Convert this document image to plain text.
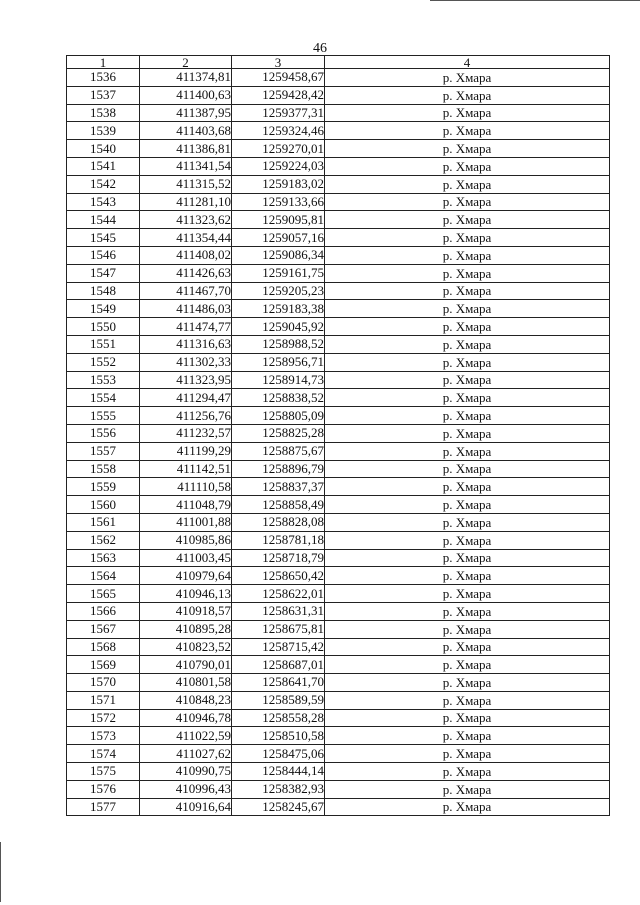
46
1	2	3	4
1536	411374,81	1259458,67	р. Хмара
1537	411400,63	1259428,42	р. Хмара
1538	411387,95	1259377,31	р. Хмара
1539	411403,68	1259324,46	р. Хмара
1540	411386,81	1259270,01	р. Хмара
1541	411341,54	1259224,03	р. Хмара
1542	411315,52	1259183,02	р. Хмара
1543	411281,10	1259133,66	р. Хмара
1544	411323,62	1259095,81	р. Хмара
1545	411354,44	1259057,16	р. Хмара
1546	411408,02	1259086,34	р. Хмара
1547	411426,63	1259161,75	р. Хмара
1548	411467,70	1259205,23	р. Хмара
1549	411486,03	1259183,38	р. Хмара
1550	411474,77	1259045,92	р. Хмара
1551	411316,63	1258988,52	р. Хмара
1552	411302,33	1258956,71	р. Хмара
1553	411323,95	1258914,73	р. Хмара
1554	411294,47	1258838,52	р. Хмара
1555	411256,76	1258805,09	р. Хмара
1556	411232,57	1258825,28	р. Хмара
1557	411199,29	1258875,67	р. Хмара
1558	411142,51	1258896,79	р. Хмара
1559	411110,58	1258837,37	р. Хмара
1560	411048,79	1258858,49	р. Хмара
1561	411001,88	1258828,08	р. Хмара
1562	410985,86	1258781,18	р. Хмара
1563	411003,45	1258718,79	р. Хмара
1564	410979,64	1258650,42	р. Хмара
1565	410946,13	1258622,01	р. Хмара
1566	410918,57	1258631,31	р. Хмара
1567	410895,28	1258675,81	р. Хмара
1568	410823,52	1258715,42	р. Хмара
1569	410790,01	1258687,01	р. Хмара
1570	410801,58	1258641,70	р. Хмара
1571	410848,23	1258589,59	р. Хмара
1572	410946,78	1258558,28	р. Хмара
1573	411022,59	1258510,58	р. Хмара
1574	411027,62	1258475,06	р. Хмара
1575	410990,75	1258444,14	р. Хмара
1576	410996,43	1258382,93	р. Хмара
1577	410916,64	1258245,67	р. Хмара
